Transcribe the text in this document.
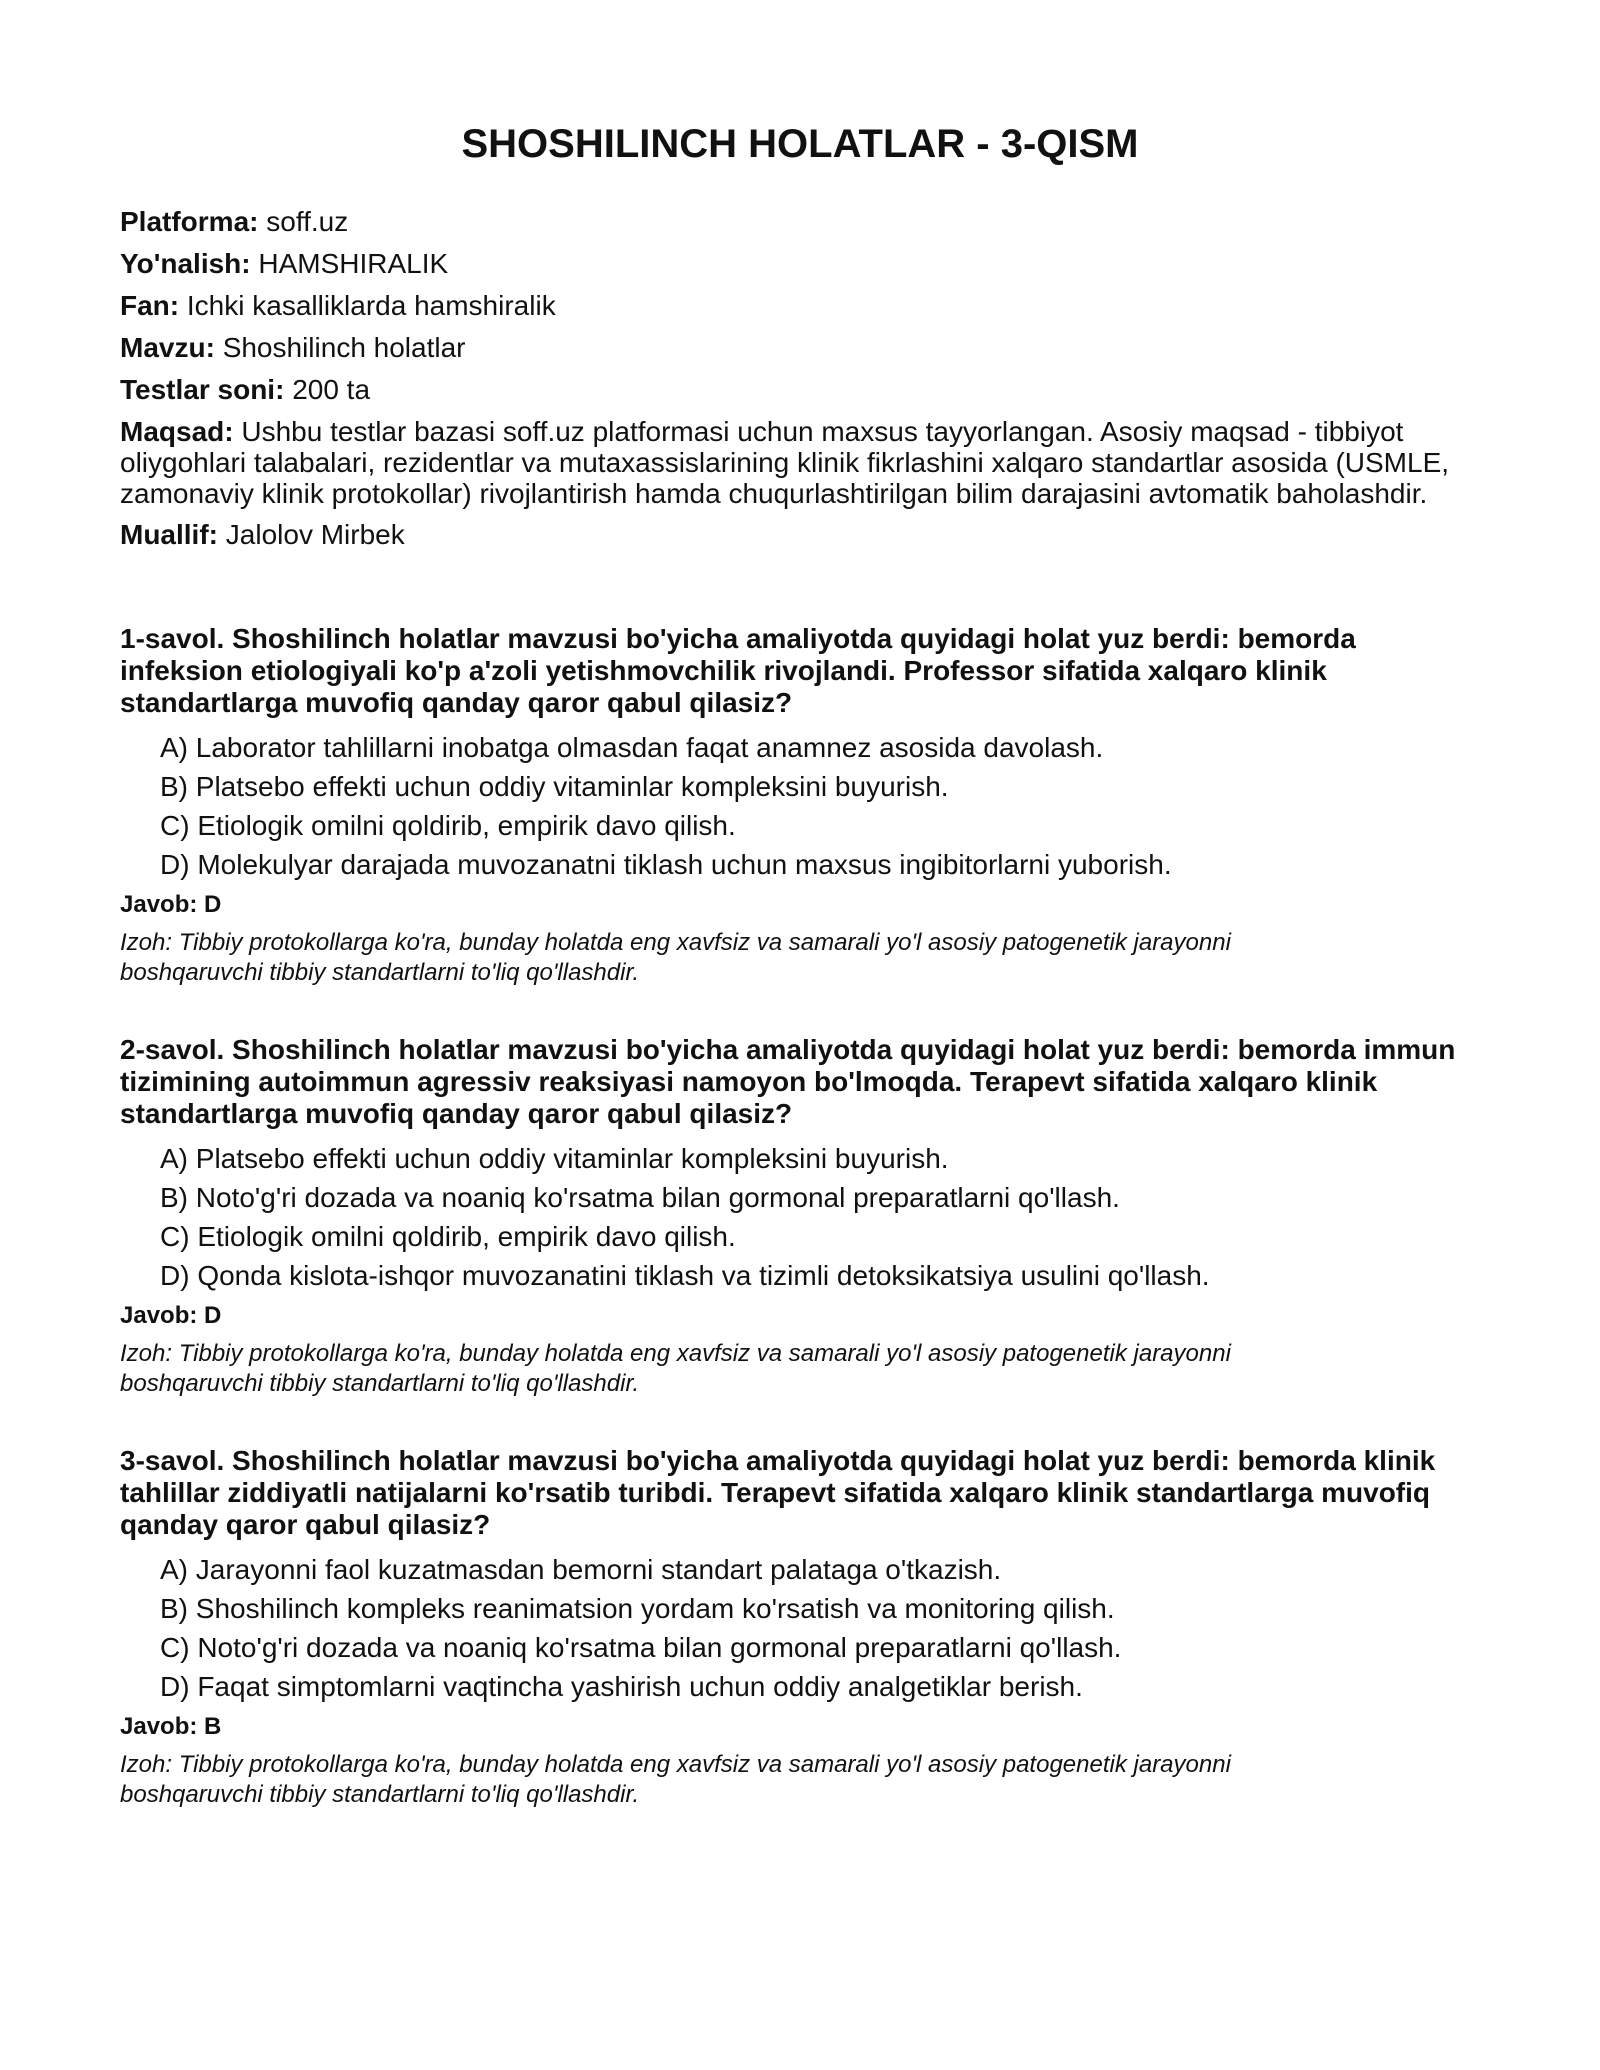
SHOSHILINCH HOLATLAR - 3-QISM

Platforma: soff.uz

Yo'nalish: HAMSHIRALIK

Fan: Ichki kasalliklarda hamshiralik

Mavzu: Shoshilinch holatlar

Testlar soni: 200 ta

Maqsad: Ushbu testlar bazasi soff.uz platformasi uchun maxsus tayyorlangan. Asosiy maqsad - tibbiyot oliygohlari talabalari, rezidentlar va mutaxassislarining klinik fikrlashini xalqaro standartlar asosida (USMLE, zamonaviy klinik protokollar) rivojlantirish hamda chuqurlashtirilgan bilim darajasini avtomatik baholashdir.

Muallif: Jalolov Mirbek

1-savol. Shoshilinch holatlar mavzusi bo'yicha amaliyotda quyidagi holat yuz berdi: bemorda infeksion etiologiyali ko'p a'zoli yetishmovchilik rivojlandi. Professor sifatida xalqaro klinik standartlarga muvofiq qanday qaror qabul qilasiz?

A) Laborator tahlillarni inobatga olmasdan faqat anamnez asosida davolash.
B) Platsebo effekti uchun oddiy vitaminlar kompleksini buyurish.
C) Etiologik omilni qoldirib, empirik davo qilish.
D) Molekulyar darajada muvozanatni tiklash uchun maxsus ingibitorlarni yuborish.

Javob: D

Izoh: Tibbiy protokollarga ko'ra, bunday holatda eng xavfsiz va samarali yo'l asosiy patogenetik jarayonni boshqaruvchi tibbiy standartlarni to'liq qo'llashdir.

2-savol. Shoshilinch holatlar mavzusi bo'yicha amaliyotda quyidagi holat yuz berdi: bemorda immun tizimining autoimmun agressiv reaksiyasi namoyon bo'lmoqda. Terapevt sifatida xalqaro klinik standartlarga muvofiq qanday qaror qabul qilasiz?

A) Platsebo effekti uchun oddiy vitaminlar kompleksini buyurish.
B) Noto'g'ri dozada va noaniq ko'rsatma bilan gormonal preparatlarni qo'llash.
C) Etiologik omilni qoldirib, empirik davo qilish.
D) Qonda kislota-ishqor muvozanatini tiklash va tizimli detoksikatsiya usulini qo'llash.

Javob: D

Izoh: Tibbiy protokollarga ko'ra, bunday holatda eng xavfsiz va samarali yo'l asosiy patogenetik jarayonni boshqaruvchi tibbiy standartlarni to'liq qo'llashdir.

3-savol. Shoshilinch holatlar mavzusi bo'yicha amaliyotda quyidagi holat yuz berdi: bemorda klinik tahlillar ziddiyatli natijalarni ko'rsatib turibdi. Terapevt sifatida xalqaro klinik standartlarga muvofiq qanday qaror qabul qilasiz?

A) Jarayonni faol kuzatmasdan bemorni standart palataga o'tkazish.
B) Shoshilinch kompleks reanimatsion yordam ko'rsatish va monitoring qilish.
C) Noto'g'ri dozada va noaniq ko'rsatma bilan gormonal preparatlarni qo'llash.
D) Faqat simptomlarni vaqtincha yashirish uchun oddiy analgetiklar berish.

Javob: B

Izoh: Tibbiy protokollarga ko'ra, bunday holatda eng xavfsiz va samarali yo'l asosiy patogenetik jarayonni boshqaruvchi tibbiy standartlarni to'liq qo'llashdir.
